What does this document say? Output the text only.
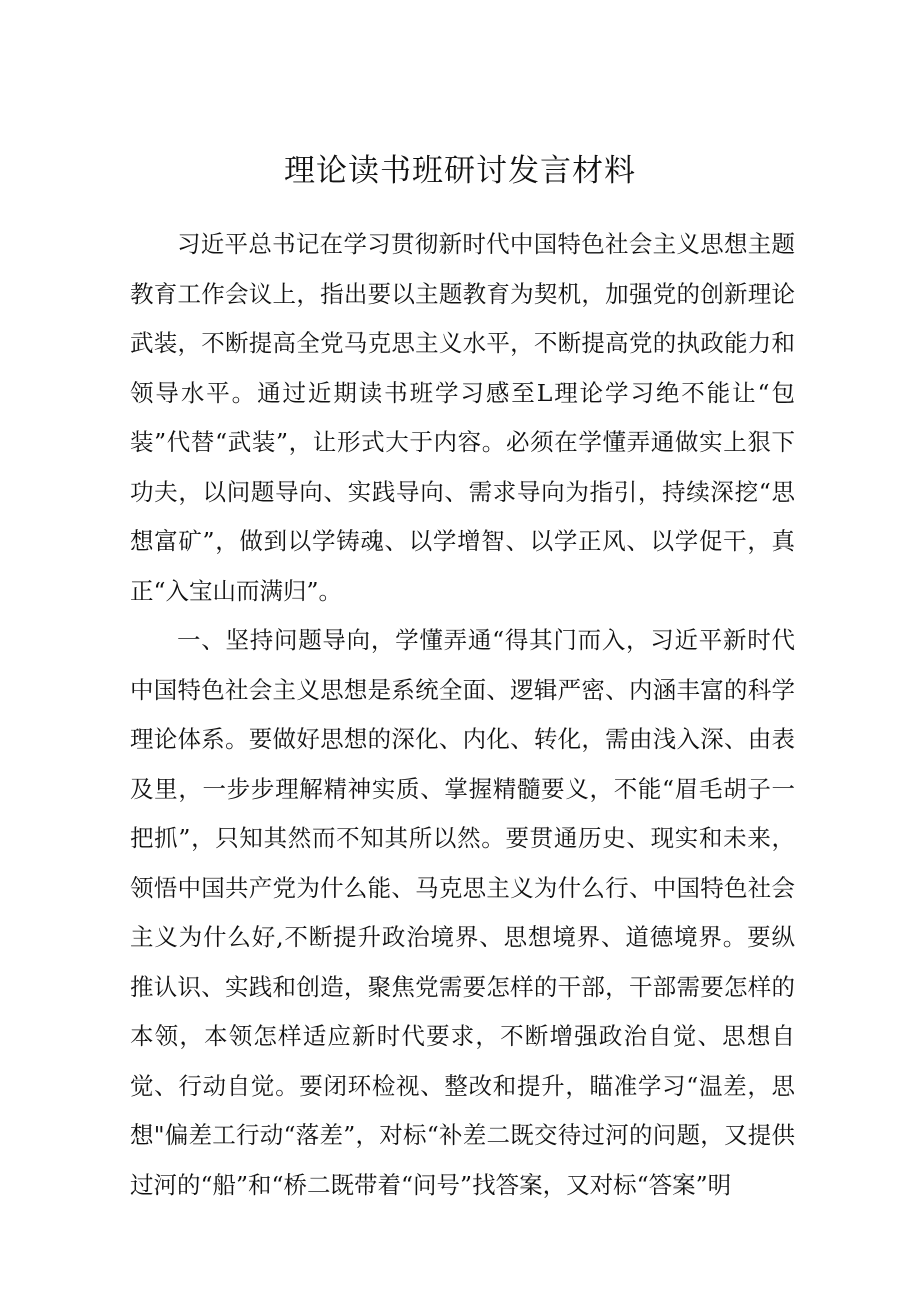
理论读书班研讨发言材料

习近平总书记在学习贯彻新时代中国特色社会主义思想主题教育工作会议上，指出要以主题教育为契机，加强党的创新理论武装，不断提高全党马克思主义水平，不断提高党的执政能力和领导水平。通过近期读书班学习感至L理论学习绝不能让“包装”代替“武装”，让形式大于内容。必须在学懂弄通做实上狠下功夫，以问题导向、实践导向、需求导向为指引，持续深挖“思想富矿”，做到以学铸魂、以学增智、以学正风、以学促干，真正“入宝山而满归”。

一、坚持问题导向，学懂弄通“得其门而入，习近平新时代中国特色社会主义思想是系统全面、逻辑严密、内涵丰富的科学理论体系。要做好思想的深化、内化、转化，需由浅入深、由表及里，一步步理解精神实质、掌握精髓要义，不能“眉毛胡子一把抓”，只知其然而不知其所以然。要贯通历史、现实和未来，领悟中国共产党为什么能、马克思主义为什么行、中国特色社会主义为什么好,不断提升政治境界、思想境界、道德境界。要纵推认识、实践和创造，聚焦党需要怎样的干部，干部需要怎样的本领，本领怎样适应新时代要求，不断增强政治自觉、思想自觉、行动自觉。要闭环检视、整改和提升，瞄准学习“温差，思想"偏差工行动“落差”，对标“补差二既交待过河的问题，又提供过河的“船”和“桥二既带着“问号”找答案，又对标“答案”明
